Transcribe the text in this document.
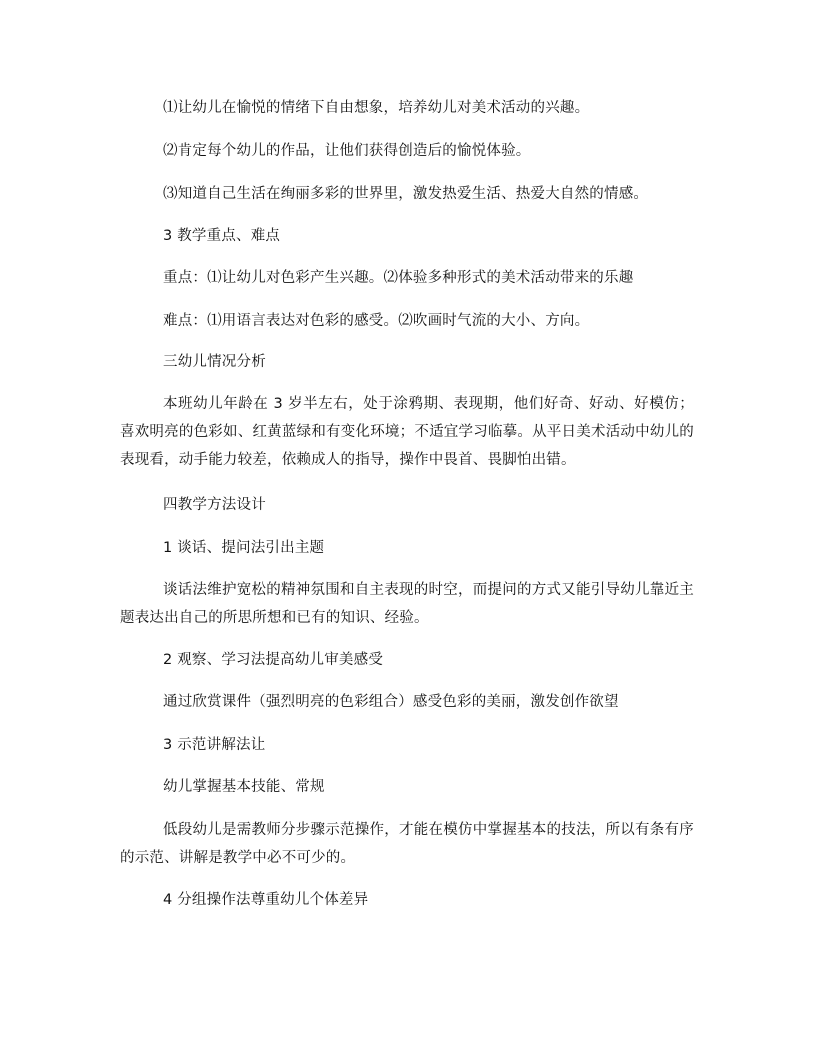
⑴让幼儿在愉悦的情绪下自由想象，培养幼儿对美术活动的兴趣。
⑵肯定每个幼儿的作品，让他们获得创造后的愉悦体验。
⑶知道自己生活在绚丽多彩的世界里，激发热爱生活、热爱大自然的情感。
3 教学重点、难点
重点：⑴让幼儿对色彩产生兴趣。⑵体验多种形式的美术活动带来的乐趣
难点：⑴用语言表达对色彩的感受。⑵吹画时气流的大小、方向。
三幼儿情况分析
本班幼儿年龄在 3 岁半左右，处于涂鸦期、表现期，他们好奇、好动、好模仿；喜欢明亮的色彩如、红黄蓝绿和有变化环境；不适宜学习临摹。从平日美术活动中幼儿的表现看，动手能力较差，依赖成人的指导，操作中畏首、畏脚怕出错。
四教学方法设计
1 谈话、提问法引出主题
谈话法维护宽松的精神氛围和自主表现的时空，而提问的方式又能引导幼儿靠近主题表达出自己的所思所想和已有的知识、经验。
2 观察、学习法提高幼儿审美感受
通过欣赏课件（强烈明亮的色彩组合）感受色彩的美丽，激发创作欲望
3 示范讲解法让
幼儿掌握基本技能、常规
低段幼儿是需教师分步骤示范操作，才能在模仿中掌握基本的技法，所以有条有序的示范、讲解是教学中必不可少的。
4 分组操作法尊重幼儿个体差异
